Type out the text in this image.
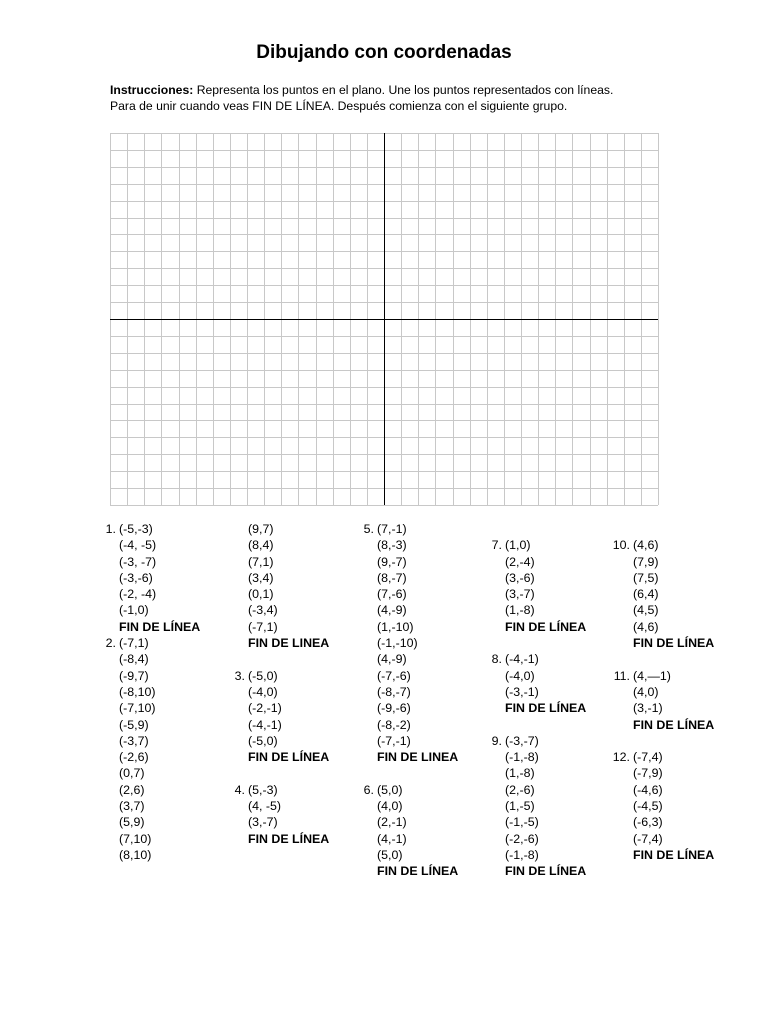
Dibujando con coordenadas
Instrucciones: Representa los puntos en el plano. Une los puntos representados con líneas.
Para de unir cuando veas FIN DE LÍNEA. Después comienza con el siguiente grupo.
1. (-5,-3)
(-4, -5)
(-3, -7)
(-3,-6)
(-2, -4)
(-1,0)
FIN DE LÍNEA
2. (-7,1)
(-8,4)
(-9,7)
(-8,10)
(-7,10)
(-5,9)
(-3,7)
(-2,6)
(0,7)
(2,6)
(3,7)
(5,9)
(7,10)
(8,10)
(9,7)
(8,4)
(7,1)
(3,4)
(0,1)
(-3,4)
(-7,1)
FIN DE LINEA
3. (-5,0)
(-4,0)
(-2,-1)
(-4,-1)
(-5,0)
FIN DE LÍNEA
4. (5,-3)
(4, -5)
(3,-7)
FIN DE LÍNEA
5. (7,-1)
(8,-3)
(9,-7)
(8,-7)
(7,-6)
(4,-9)
(1,-10)
(-1,-10)
(4,-9)
(-7,-6)
(-8,-7)
(-9,-6)
(-8,-2)
(-7,-1)
FIN DE LINEA
6. (5,0)
(4,0)
(2,-1)
(4,-1)
(5,0)
FIN DE LÍNEA
7. (1,0)
(2,-4)
(3,-6)
(3,-7)
(1,-8)
FIN DE LÍNEA
8. (-4,-1)
(-4,0)
(-3,-1)
FIN DE LÍNEA
9. (-3,-7)
(-1,-8)
(1,-8)
(2,-6)
(1,-5)
(-1,-5)
(-2,-6)
(-1,-8)
FIN DE LÍNEA
10. (4,6)
(7,9)
(7,5)
(6,4)
(4,5)
(4,6)
FIN DE LÍNEA
11. (4,—1)
(4,0)
(3,-1)
FIN DE LÍNEA
12. (-7,4)
(-7,9)
(-4,6)
(-4,5)
(-6,3)
(-7,4)
FIN DE LÍNEA
